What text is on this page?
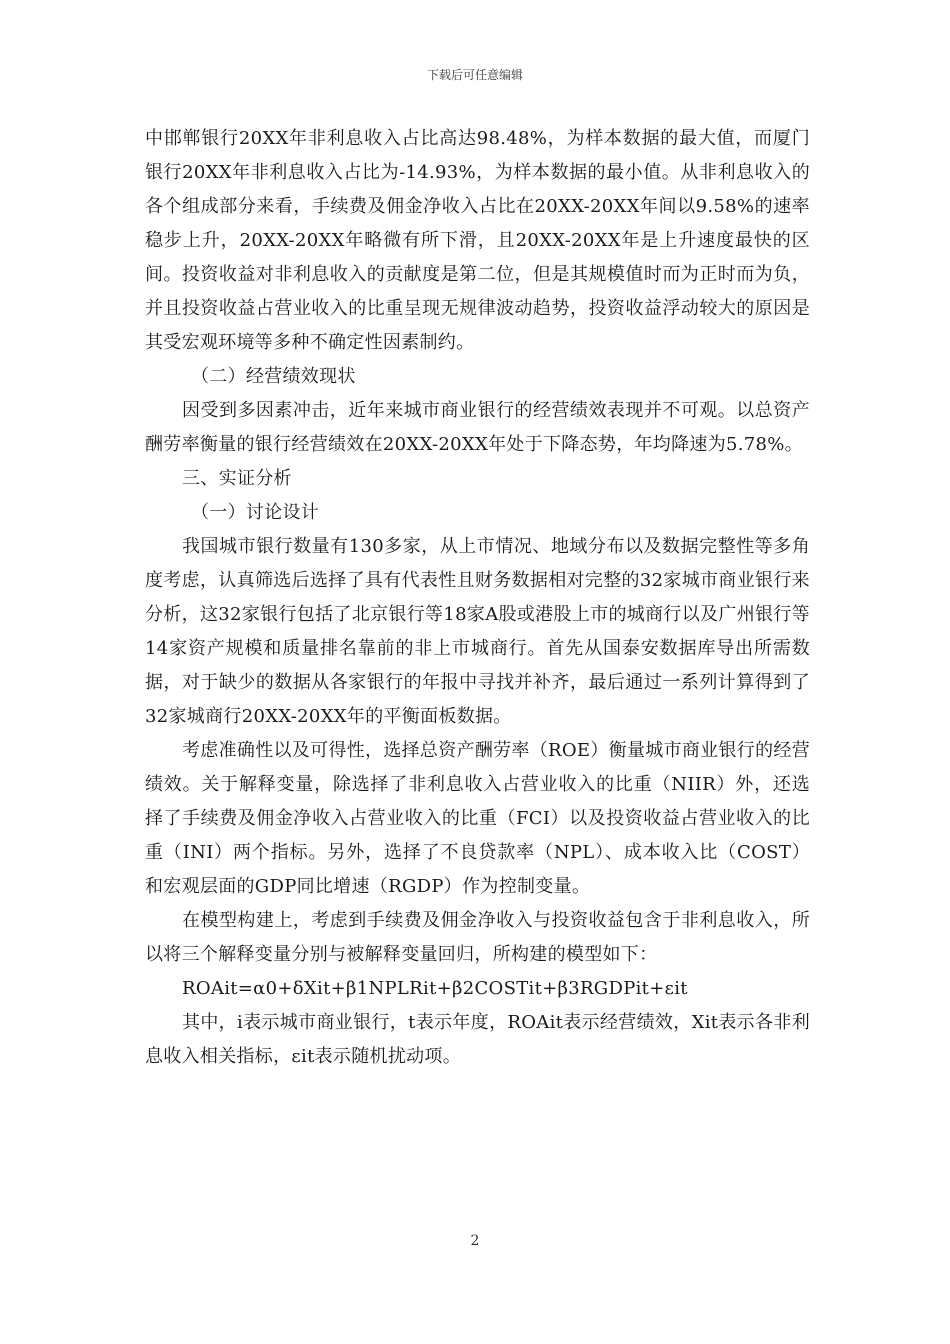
下载后可任意编辑

中邯郸银行20XX年非利息收入占比高达98.48%，为样本数据的最大值，而厦门银行20XX年非利息收入占比为-14.93%，为样本数据的最小值。从非利息收入的各个组成部分来看，手续费及佣金净收入占比在20XX-20XX年间以9.58%的速率稳步上升，20XX-20XX年略微有所下滑，且20XX-20XX年是上升速度最快的区间。投资收益对非利息收入的贡献度是第二位，但是其规模值时而为正时而为负，并且投资收益占营业收入的比重呈现无规律波动趋势，投资收益浮动较大的原因是其受宏观环境等多种不确定性因素制约。

（二）经营绩效现状

因受到多因素冲击，近年来城市商业银行的经营绩效表现并不可观。以总资产酬劳率衡量的银行经营绩效在20XX-20XX年处于下降态势，年均降速为5.78%。

三、实证分析

（一）讨论设计

我国城市银行数量有130多家，从上市情况、地域分布以及数据完整性等多角度考虑，认真筛选后选择了具有代表性且财务数据相对完整的32家城市商业银行来分析，这32家银行包括了北京银行等18家A股或港股上市的城商行以及广州银行等14家资产规模和质量排名靠前的非上市城商行。首先从国泰安数据库导出所需数据，对于缺少的数据从各家银行的年报中寻找并补齐，最后通过一系列计算得到了32家城商行20XX-20XX年的平衡面板数据。

考虑准确性以及可得性，选择总资产酬劳率（ROE）衡量城市商业银行的经营绩效。关于解释变量，除选择了非利息收入占营业收入的比重（NIIR）外，还选择了手续费及佣金净收入占营业收入的比重（FCI）以及投资收益占营业收入的比重（INI）两个指标。另外，选择了不良贷款率（NPL）、成本收入比（COST）和宏观层面的GDP同比增速（RGDP）作为控制变量。

在模型构建上，考虑到手续费及佣金净收入与投资收益包含于非利息收入，所以将三个解释变量分别与被解释变量回归，所构建的模型如下：

ROAit=α0+δXit+β1NPLRit+β2COSTit+β3RGDPit+εit

其中，i表示城市商业银行，t表示年度，ROAit表示经营绩效，Xit表示各非利息收入相关指标，εit表示随机扰动项。

2
